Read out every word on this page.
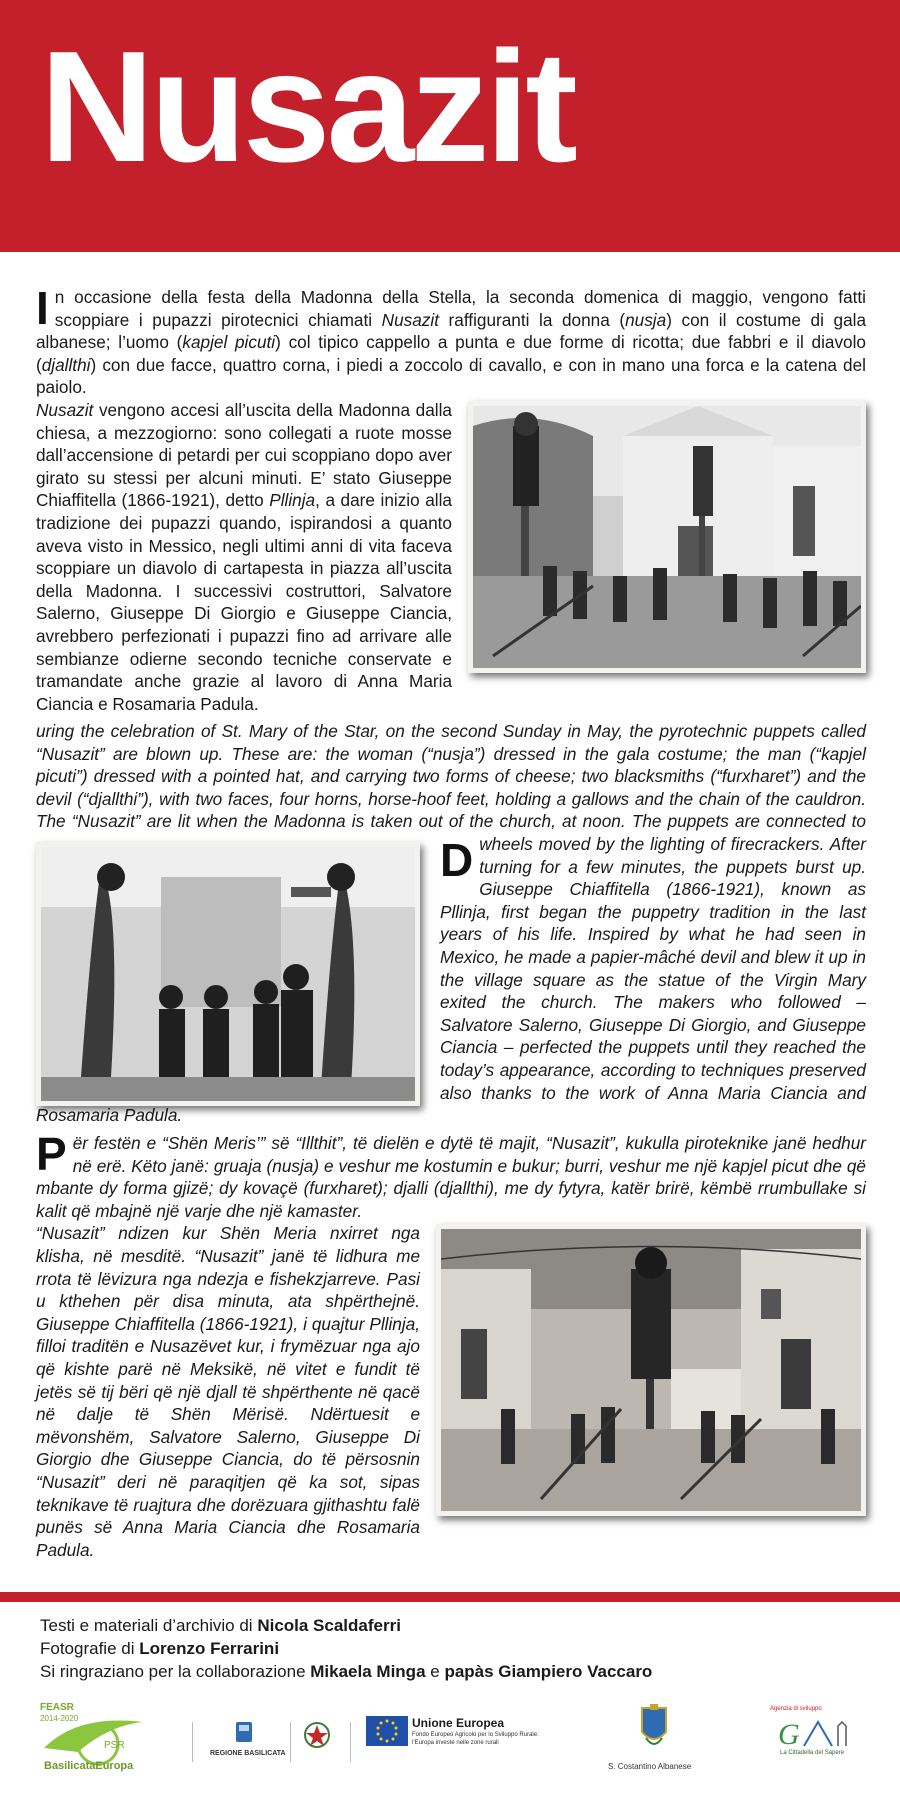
Nusazit

In occasione della festa della Madonna della Stella, la seconda domenica di maggio, vengono fatti scoppiare i pupazzi pirotecnici chiamati Nusazit raffiguranti la donna (nusja) con il costume di gala albanese; l’uomo (kapjel picuti) col tipico cappello a punta e due forme di ricotta; due fabbri e il diavolo (djallthi) con due facce, quattro corna, i piedi a zoccolo di cavallo, e con in mano una forca e la catena del paiolo.

Nusazit vengono accesi all’uscita della Madonna dalla chiesa, a mezzogiorno: sono collegati a ruote mosse dall’accensione di petardi per cui scoppiano dopo aver girato su stessi per alcuni minuti. E’ stato Giuseppe Chiaffitella (1866-1921), detto Pllinja, a dare inizio alla tradizione dei pupazzi quando, ispirandosi a quanto aveva visto in Messico, negli ultimi anni di vita faceva scoppiare un diavolo di cartapesta in piazza all’uscita della Madonna. I successivi costruttori, Salvatore Salerno, Giuseppe Di Giorgio e Giuseppe Ciancia, avrebbero perfezionati i pupazzi fino ad arrivare alle sembianze odierne secondo tecniche conservate e tramandate anche grazie al lavoro di Anna Maria Ciancia e Rosamaria Padula.

D
uring the celebration of St. Mary of the Star, on the second Sunday in May, the pyrotechnic puppets called “Nusazit” are blown up. These are: the woman (“nusja”) dressed in the gala costume; the man (“kapjel picuti”) dressed with a pointed hat, and carrying two forms of cheese; two blacksmiths (“furxharet”) and the devil (“djallthi”), with two faces, four horns, horse-hoof feet, holding a gallows and the chain of the cauldron. The “Nusazit” are lit when the Madonna is taken out of the church, at noon. The puppets are connected to wheels moved by the lighting of firecrackers. After turning for a few minutes, the puppets burst up. Giuseppe Chiaffitella (1866-1921), known as Pllinja, first began the puppetry tradition in the last years of his life. Inspired by what he had seen in Mexico, he made a papier-mâché devil and blew it up in the village square as the statue of the Virgin Mary exited the church. The makers who followed – Salvatore Salerno, Giuseppe Di Giorgio, and Giuseppe Ciancia – perfected the puppets until they reached the today’s appearance, according to techniques preserved also thanks to the work of Anna Maria Ciancia and Rosamaria Padula.

Për festën e “Shën Meris’” së “Illthit”, të dielën e dytë të majit, “Nusazit”, kukulla piroteknike janë hedhur në erë. Këto janë: gruaja (nusja) e veshur me kostumin e bukur; burri, veshur me një kapjel picut dhe që mbante dy forma gjizë; dy kovaçë (furxharet); djalli (djallthi), me dy fytyra, katër brirë, këmbë rrumbullake si kalit që mbajnë një varje dhe një kamaster.

“Nusazit” ndizen kur Shën Meria nxirret nga klisha, në mesditë. “Nusazit” janë të lidhura me rrota të lëvizura nga ndezja e fishekzjarreve. Pasi u kthehen për disa minuta, ata shpërthejnë. Giuseppe Chiaffitella (1866-1921), i quajtur Pllinja, filloi traditën e Nusazëvet kur, i frymëzuar nga ajo që kishte parë në Meksikë, në vitet e fundit të jetës së tij bëri që një djall të shpërthente në qacë në dalje të Shën Mërisë. Ndërtuesit e mëvonshëm, Salvatore Salerno, Giuseppe Di Giorgio dhe Giuseppe Ciancia, do të përsosnin “Nusazit” deri në paraqitjen që ka sot, sipas teknikave të ruajtura dhe dorëzuara gjithashtu falë punës së Anna Maria Ciancia dhe Rosamaria Padula.

Testi e materiali d’archivio di Nicola Scaldaferri
Fotografie di Lorenzo Ferrarini
Si ringraziano per la collaborazione Mikaela Minga e papàs Giampiero Vaccaro
FEASR
2014-2020
PSR
BasilicataEuropa
REGIONE BASILICATA
Unione Europea
Fondo Europeo Agricolo per lo Sviluppo Rurale:
l’Europa investe nelle zone rurali
S. Costantino Albanese
Agenzia di sviluppo
G
La Cittadella del Sapere
